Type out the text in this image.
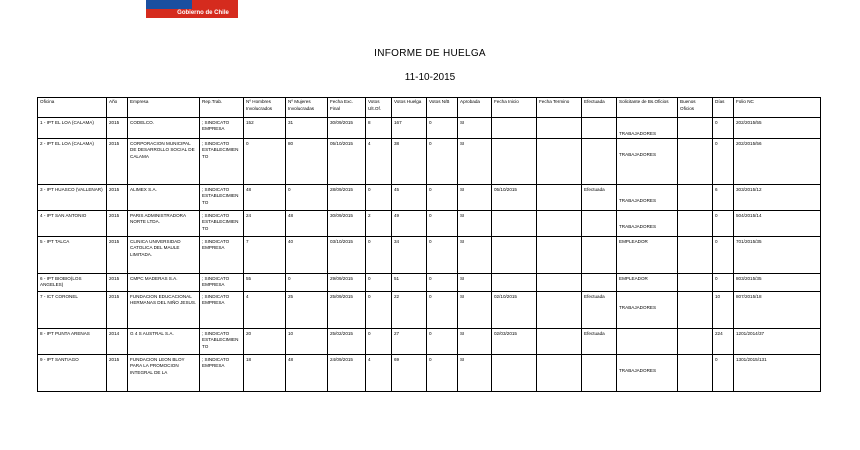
Gobierno de Chile
INFORME DE HUELGA
11-10-2015
Oficina	Año	Empresa	Rep.Trab.	Nº Hombres Involucrados	Nº Mujeres Involucradas	Fecha Exc. Final	Votos Ult.Of.	Votos Huelga	Votos N/B	Aprobada	Fecha Inicio	Fecha Termino	Efectuada	Solicitante de Bs.Oficios	Buenos Oficios	Días	Folio NC
1 - IPT EL LOA (CALAMA)	2015	CODELCO.	; SINDICATO EMPRESA	152	31	30/09/2015	8	167	0	SI				TRABAJADORES		0	202/2015/55
2 - IPT EL LOA (CALAMA)	2015	CORPORACION MUNICIPAL DE DESARROLLO SOCIAL DE CALAMA	; SINDICATO ESTABLECIMIENTO	0	80	05/10/2015	4	38	0	SI				TRABAJADORES		0	202/2015/56
3 - IPT HUASCO (VALLENAR)	2015	ALIMEX S.A.	; SINDICATO ESTABLECIMIENTO	48	0	28/09/2015	0	45	0	SI	05/10/2015		Efectuada	TRABAJADORES		6	303/2015/12
4 - IPT SAN ANTONIO	2015	PARIS ADMINISTRADORA NORTE LTDA.	; SINDICATO ESTABLECIMIENTO	24	48	30/09/2015	2	49	0	SI				TRABAJADORES		0	504/2015/14
5 - IPT TALCA	2015	CLINICA UNIVERSIDAD CATOLICA DEL MAULE LIMITADA.	; SINDICATO EMPRESA	7	40	03/10/2015	0	34	0	SI				EMPLEADOR		0	701/2015/35
6 - IPT BIOBIO(LOS ANGELES)	2015	CMPC MADERAS S.A.	; SINDICATO EMPRESA	55	0	29/09/2015	0	51	0	SI				EMPLEADOR		0	803/2015/35
7 - ICT CORONEL	2015	FUNDACION EDUCACIONAL HERMANAS DEL NIÑO JESUS.	; SINDICATO EMPRESA	4	25	25/09/2015	0	22	0	SI	02/10/2015		Efectuada	TRABAJADORES		10	807/2015/18
8 - IPT PUNTA ARENAS	2014	G 4 S AUSTRAL S.A.	; SINDICATO ESTABLECIMIENTO	20	10	25/02/2015	0	27	0	SI	02/03/2015		Efectuada			224	1201/2014/37
9 - IPT SANTIAGO	2015	FUNDACION LEON BLOY PARA LA PROMOCION INTEGRAL DE LA	; SINDICATO EMPRESA	18	48	24/09/2015	4	69	0	SI				TRABAJADORES		0	1301/2015/131
